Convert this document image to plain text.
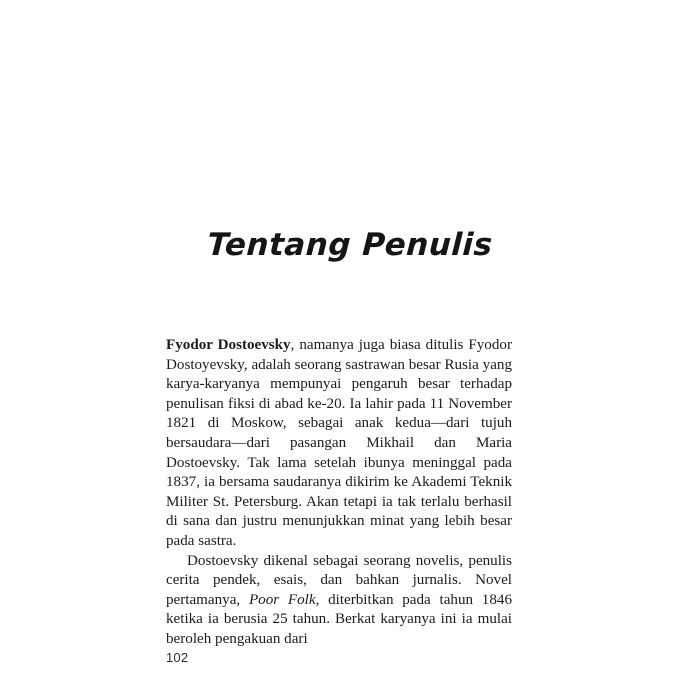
Tentang Penulis

Fyodor Dostoevsky, namanya juga biasa ditulis Fyodor Dostoyevsky, adalah seorang sastrawan besar Rusia yang karya-karyanya mempunyai pengaruh besar terhadap penulisan fiksi di abad ke-20. Ia lahir pada 11 November 1821 di Moskow, sebagai anak kedua—dari tujuh bersaudara—dari pasangan Mikhail dan Maria Dostoevsky. Tak lama setelah ibunya meninggal pada 1837, ia bersama saudaranya dikirim ke Akademi Teknik Militer St. Petersburg. Akan tetapi ia tak terlalu berhasil di sana dan justru menunjukkan minat yang lebih besar pada sastra.

Dostoevsky dikenal sebagai seorang novelis, penulis cerita pendek, esais, dan bahkan jurnalis. Novel pertamanya, Poor Folk, diterbitkan pada tahun 1846 ketika ia berusia 25 tahun. Berkat karyanya ini ia mulai beroleh pengakuan dari

102
